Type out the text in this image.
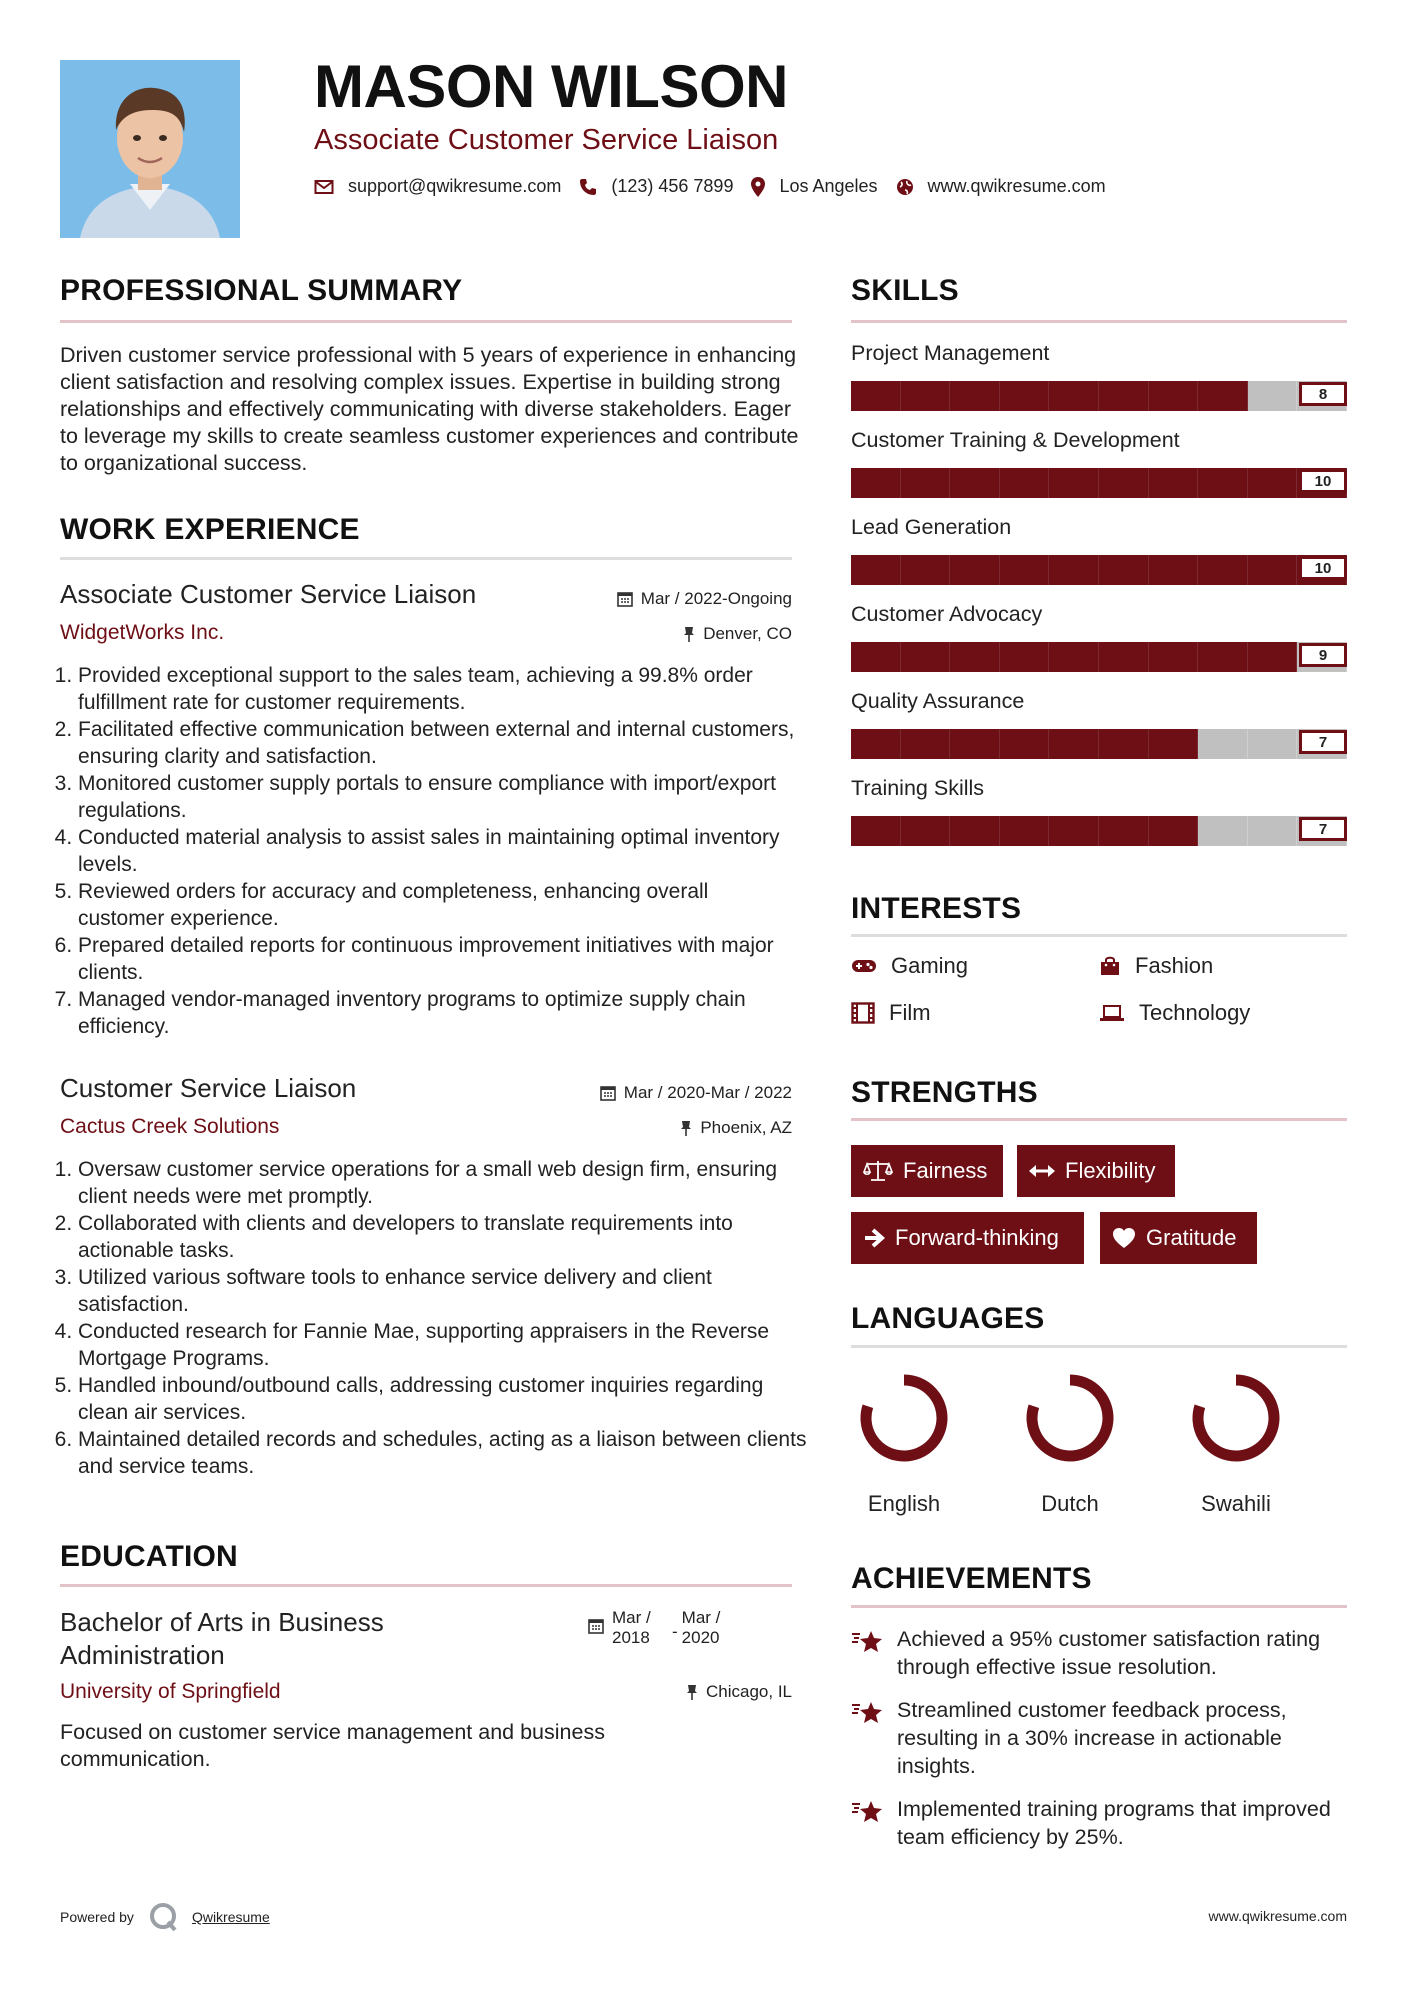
MASON WILSON
Associate Customer Service Liaison
support@qwikresume.com	(123) 456 7899	Los Angeles	www.qwikresume.com
PROFESSIONAL SUMMARY
Driven customer service professional with 5 years of experience in enhancing client satisfaction and resolving complex issues. Expertise in building strong relationships and effectively communicating with diverse stakeholders. Eager to leverage my skills to create seamless customer experiences and contribute to organizational success.
WORK EXPERIENCE
Associate Customer Service Liaison	Mar / 2022-Ongoing
WidgetWorks Inc.	Denver, CO
1. Provided exceptional support to the sales team, achieving a 99.8% order fulfillment rate for customer requirements.
2. Facilitated effective communication between external and internal customers, ensuring clarity and satisfaction.
3. Monitored customer supply portals to ensure compliance with import/export regulations.
4. Conducted material analysis to assist sales in maintaining optimal inventory levels.
5. Reviewed orders for accuracy and completeness, enhancing overall customer experience.
6. Prepared detailed reports for continuous improvement initiatives with major clients.
7. Managed vendor-managed inventory programs to optimize supply chain efficiency.
Customer Service Liaison	Mar / 2020-Mar / 2022
Cactus Creek Solutions	Phoenix, AZ
1. Oversaw customer service operations for a small web design firm, ensuring client needs were met promptly.
2. Collaborated with clients and developers to translate requirements into actionable tasks.
3. Utilized various software tools to enhance service delivery and client satisfaction.
4. Conducted research for Fannie Mae, supporting appraisers in the Reverse Mortgage Programs.
5. Handled inbound/outbound calls, addressing customer inquiries regarding clean air services.
6. Maintained detailed records and schedules, acting as a liaison between clients and service teams.
EDUCATION
Bachelor of Arts in Business Administration
Mar / 2018	-
Mar / 2020
University of Springfield	Chicago, IL
Focused on customer service management and business communication.
SKILLS
Project Management
8
Customer Training & Development
10
Lead Generation
10
Customer Advocacy
9
Quality Assurance
7
Training Skills
7
INTERESTS
Gaming	Fashion
Film	Technology
STRENGTHS
Fairness	Flexibility
Forward-thinking	Gratitude
LANGUAGES
English	Dutch	Swahili
ACHIEVEMENTS
Achieved a 95% customer satisfaction rating through effective issue resolution.
Streamlined customer feedback process, resulting in a 30% increase in actionable insights.
Implemented training programs that improved team efficiency by 25%.
Powered by	Qwikresume	www.qwikresume.com
